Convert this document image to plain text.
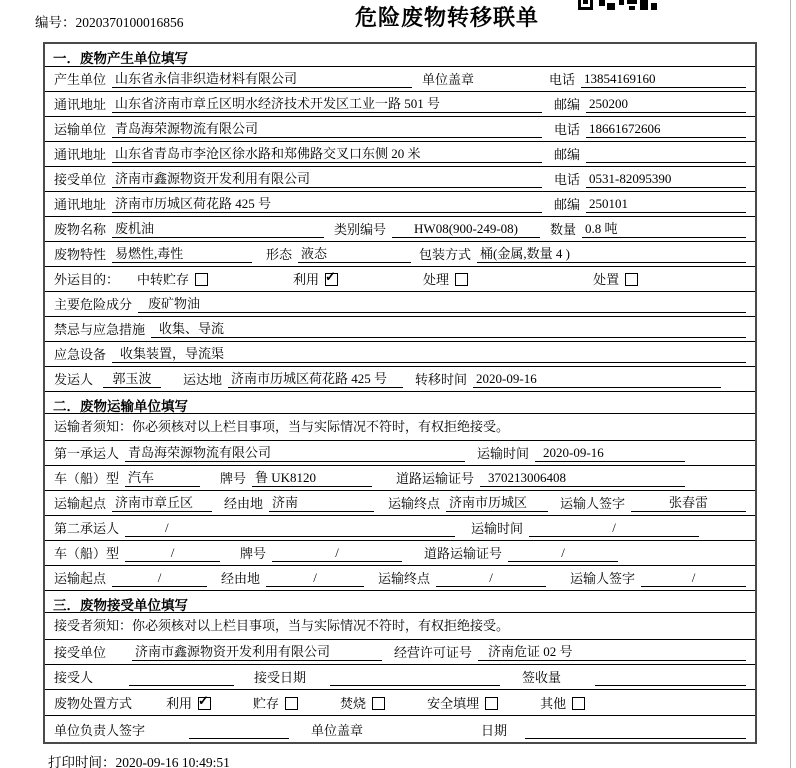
编号：2020370100016856	危险废物转移联单
一．废物产生单位填写
产生单位 山东省永信非织造材料有限公司	单位盖章	电话 13854169160
通讯地址 山东省济南市章丘区明水经济技术开发区工业一路 501 号	邮编 250200
运输单位 青岛海荣源物流有限公司	电话 18661672606
通讯地址 山东省青岛市李沧区徐水路和郑佛路交叉口东侧 20 米	邮编
接受单位 济南市鑫源物资开发利用有限公司	电话 0531-82095390
通讯地址 济南市历城区荷花路 425 号	邮编 250101
废物名称 废机油	类别编号	HW08(900-249-08)	数量 0.8 吨
废物特性 易燃性,毒性	形态 液态	包装方式 桶(金属,数量 4 )
外运目的： 中转贮存	利用 ✓	处理	处置
主要危险成分	废矿物油
禁忌与应急措施	收集、导流
应急设备	收集装置，导流渠
发运人	郭玉波	运达地 济南市历城区荷花路 425 号	转移时间 2020-09-16
二．废物运输单位填写
运输者须知：你必须核对以上栏目事项，当与实际情况不符时，有权拒绝接受。
第一承运人 青岛海荣源物流有限公司	运输时间	2020-09-16
车（船）型 汽车	牌号 鲁 UK8120	道路运输证号	370213006408
运输起点 济南市章丘区	经由地 济南	运输终点 济南市历城区	运输人签字	张春雷
第二承运人	/	运输时间	/
车（船）型	/	牌号	/	道路运输证号	/
运输起点	/	经由地	/	运输终点	/	运输人签字	/
三．废物接受单位填写
接受者须知：你必须核对以上栏目事项，当与实际情况不符时，有权拒绝接受。
接受单位 济南市鑫源物资开发利用有限公司	经营许可证号	济南危证 02 号
接受人	接受日期	签收量
废物处置方式	利用 ✓	贮存	焚烧	安全填埋	其他
单位负责人签字	单位盖章	日期
打印时间：2020-09-16 10:49:51
